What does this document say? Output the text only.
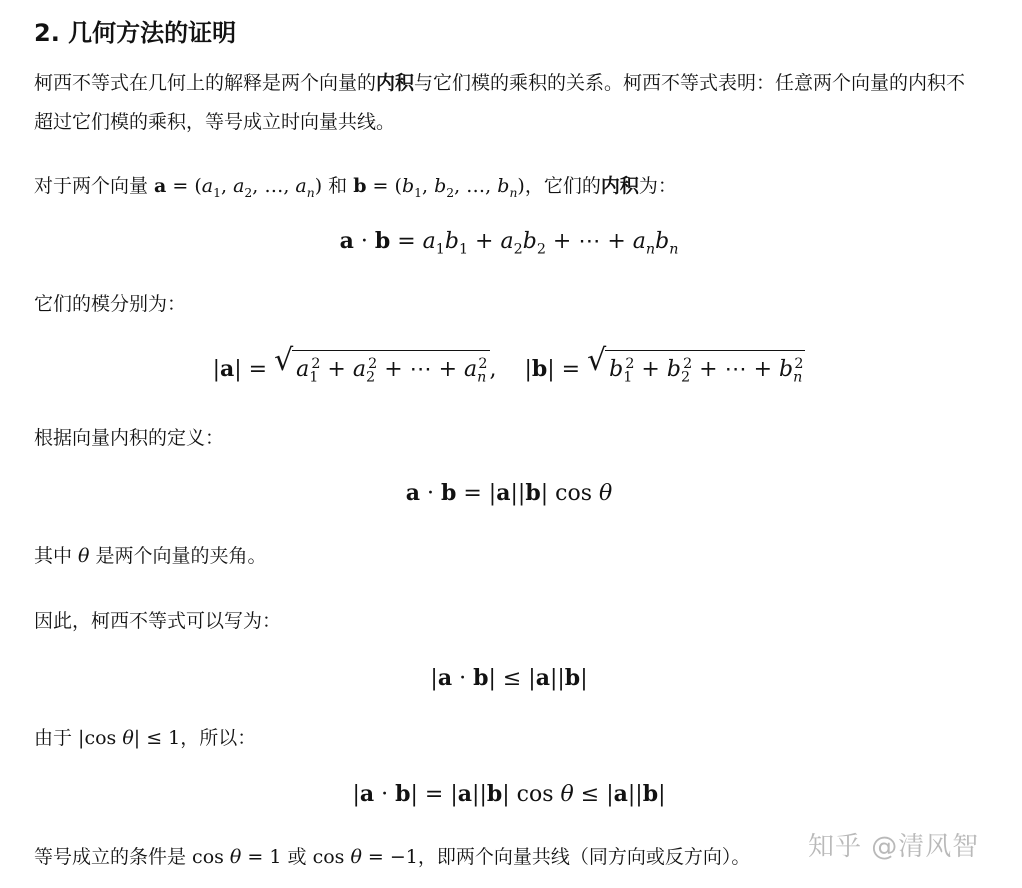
2. 几何方法的证明

柯西不等式在几何上的解释是两个向量的内积与它们模的乘积的关系。柯西不等式表明：任意两个向量的内积不超过它们模的乘积，等号成立时向量共线。

对于两个向量 $a = (a_1$, $a_2$, …, $a_n$) 和 $b = (b_1$, $b_2$, …, $b_n$)，它们的内积为：

$a \cdot b = a_1b_1 + a_2b_2$ + ⋯ + $a_nb_n$

它们的模分别为：

|a| = √ $a_1^2 + a_2^2$ + ⋯ + $a_n^2$,    |b| = √ $b_1^2 + b_2^2$ + ⋯ + $b_n^2$

根据向量内积的定义：

a · b = |a||b| cos θ

其中 θ 是两个向量的夹角。

因此，柯西不等式可以写为：

|a · b| ≤ |a||b|

由于 |cos θ| ≤ 1，所以：

|a · b| = |a||b| cos θ ≤ |a||b|

等号成立的条件是 cos θ = 1 或 cos θ = −1，即两个向量共线（同方向或反方向）。	知乎 @清风智
